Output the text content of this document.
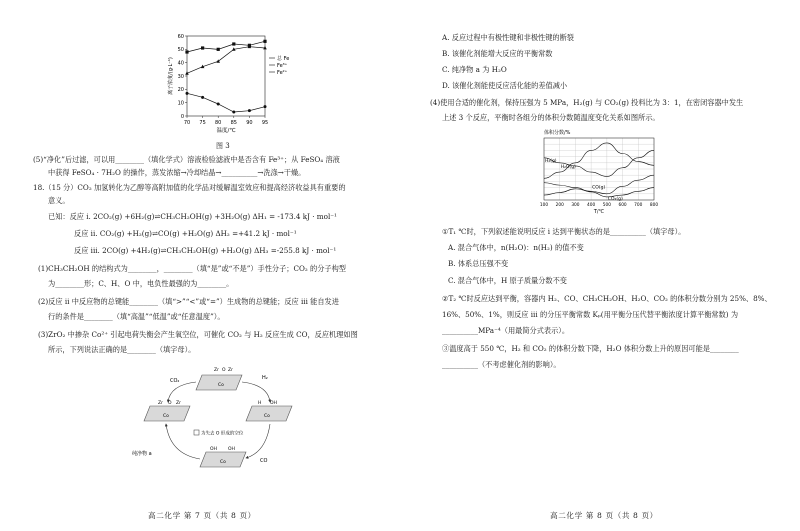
0
10
20
30
40
50
60
70 75 80 85 90 95
温度/℃
离子浓度/(g·L⁻¹)	总 Fe
Fe³⁺
Fe²⁺
图 3
(5)“净化”后过滤，可以用________（填化学式）溶液检验滤液中是否含有 Fe³⁺；从 FeSO₄ 溶液
中获得 FeSO₄ · 7H₂O 的操作，蒸发浓缩→冷却结晶→__________→洗涤→干燥。
18.（15 分）CO₂ 加氢转化为乙醇等高附加值的化学品对缓解温室效应和提高经济收益具有重要的
意义。
已知：反应 i. 2CO₂(g) +6H₂(g)⇌CH₃CH₂OH(g) +3H₂O(g) ΔH₁ = -173.4 kJ · mol⁻¹
反应 ii. CO₂(g) +H₂(g)⇌CO(g) +H₂O(g) ΔH₂ =+41.2 kJ · mol⁻¹
反应 iii. 2CO(g) +4H₂(g)⇌CH₃CH₂OH(g) +H₂O(g) ΔH₃ =-255.8 kJ · mol⁻¹
(1)CH₃CH₂OH 的结构式为________，________（填“是”或“不是”）手性分子；CO₂ 的分子构型
为________形；C、H、O 中，电负性最强的为________。
(2)反应 ii 中反应物的总键能________（填“>”“<”或“=”）生成物的总键能；反应 iii 能自发进
行的条件是________（填“高温”“低温”或“任意温度”）。
(3)ZrO₂ 中掺杂 Co²⁺ 引起电荷失衡会产生氧空位，可催化 CO₂ 与 H₂ 反应生成 CO，反应机理如图
所示，下列说法正确的是________（填字母）。
Zr O Zr
Co
Zr O Zr
Co
H OH
Co
OH OH
Co
CO₂	H₂
CO
纯净物 a
为失去 O 形成的空位
高二化学 第 7 页（共 8 页）
A. 反应过程中有极性键和非极性键的断裂
B. 该催化剂能增大反应的平衡常数
C. 纯净物 a 为 H₂O
D. 该催化剂能使反应活化能的差值减小
(4)使用合适的催化剂，保持压强为 5 MPa，H₂(g) 与 CO₂(g) 投料比为 3：1，在密闭容器中发生
上述 3 个反应，平衡时各组分的体积分数随温度变化关系如图所示。
体积分数/%
100 200 300 400 500 600 700 800
T/℃
H₂(g)
H₂O(g)
CO(g)
CO₂(g)
①T₁ ℃时，下列叙述能说明反应 i 达到平衡状态的是__________（填字母）。
A. 混合气体中，n(H₂O)：n(H₂) 的值不变
B. 体系总压强不变
C. 混合气体中，H 原子质量分数不变
②T₂ ℃时反应达到平衡，容器内 H₂、CO、CH₃CH₂OH、H₂O、CO₂ 的体积分数分别为 25%、8%、
16%、50%、1%，则反应 iii 的分压平衡常数 Kₚ(用平衡分压代替平衡浓度计算平衡常数) 为
__________MPa⁻⁴（用最简分式表示）。
③温度高于 550 ℃，H₂ 和 CO₂ 的体积分数下降，H₂O 体积分数上升的原因可能是________
__________（不考虑催化剂的影响）。
高二化学 第 8 页（共 8 页）
